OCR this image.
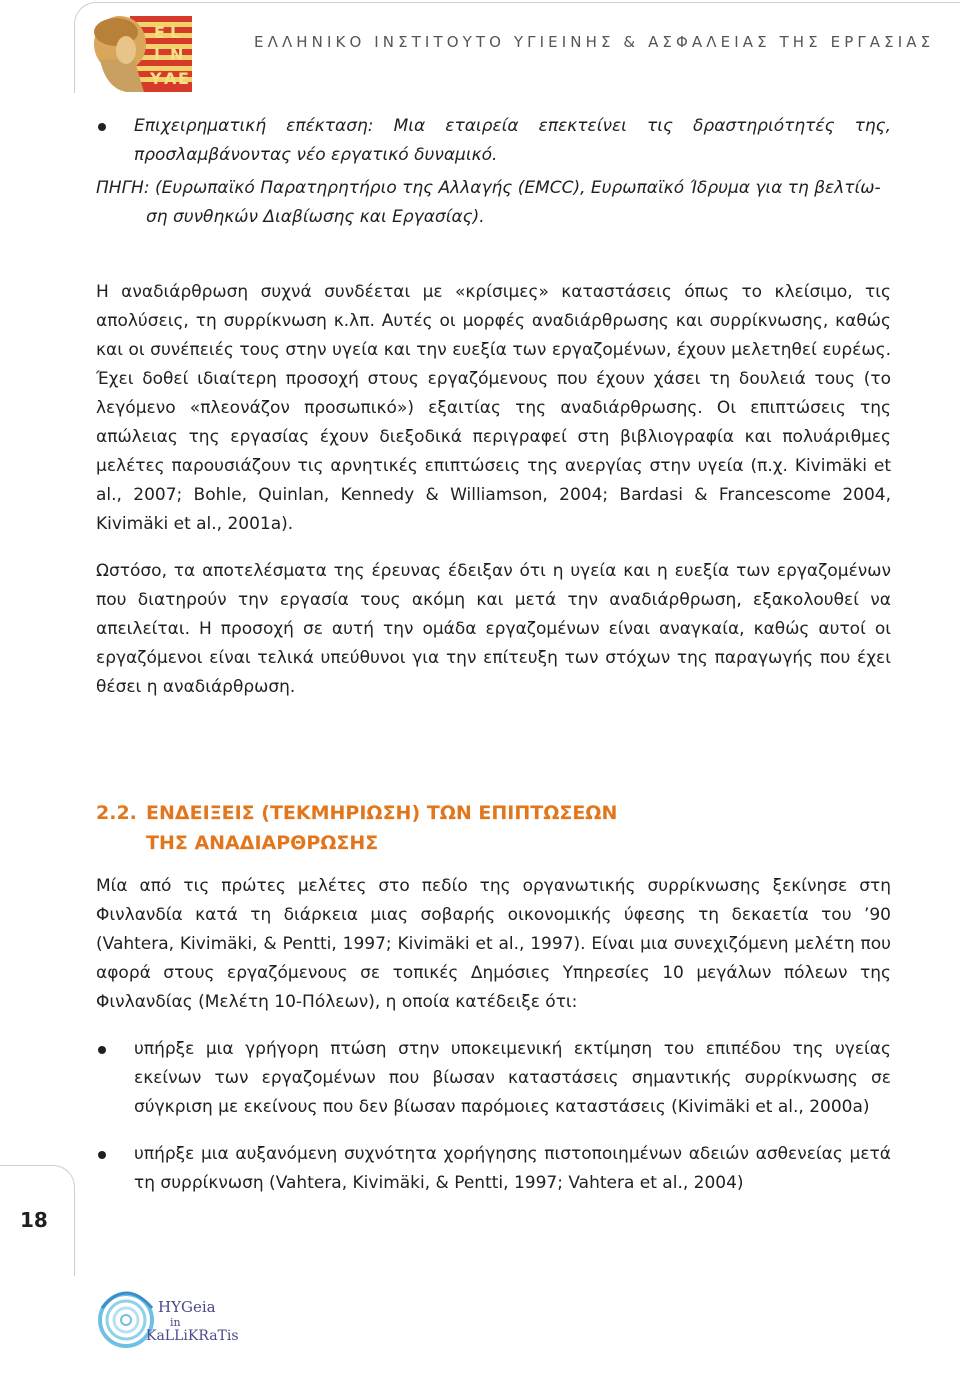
E L
I N
Y A E
ΕΛΛΗΝΙΚΟ ΙΝΣΤΙΤΟΥΤΟ ΥΓΙΕΙΝΗΣ & ΑΣΦΑΛΕΙΑΣ ΤΗΣ ΕΡΓΑΣΙΑΣ
Επιχειρηματική επέκταση: Μια εταιρεία επεκτείνει τις δραστηριότητές της, προσλαμβάνοντας νέο εργατικό δυναμικό.
ΠΗΓΗ: (Ευρωπαϊκό Παρατηρητήριο της Αλλαγής (EMCC), Ευρωπαϊκό Ίδρυμα για τη βελτίω-
ση συνθηκών Διαβίωσης και Εργασίας).

Η αναδιάρθρωση συχνά συνδέεται με «κρίσιμες» καταστάσεις όπως το κλείσιμο, τις απολύσεις, τη συρρίκνωση κ.λπ. Αυτές οι μορφές αναδιάρθρωσης και συρρίκνωσης, καθώς και οι συνέπειές τους στην υγεία και την ευεξία των εργαζομένων, έχουν μελετηθεί ευρέως. Έχει δοθεί ιδιαίτερη προσοχή στους εργαζόμενους που έχουν χάσει τη δουλειά τους (το λεγόμενο «πλεονάζον προσωπικό») εξαιτίας της αναδιάρθρωσης. Οι επιπτώσεις της απώλειας της εργασίας έχουν διεξοδικά περιγραφεί στη βιβλιογραφία και πολυάριθμες μελέτες παρουσιάζουν τις αρνητικές επιπτώσεις της ανεργίας στην υγεία (π.χ. Kivimäki et al., 2007; Bohle, Quinlan, Kennedy & Williamson, 2004; Bardasi & Francescome 2004, Kivimäki et al., 2001a).

Ωστόσο, τα αποτελέσματα της έρευνας έδειξαν ότι η υγεία και η ευεξία των εργαζομένων που διατηρούν την εργασία τους ακόμη και μετά την αναδιάρθρωση, εξακολουθεί να απειλείται. Η προσοχή σε αυτή την ομάδα εργαζομένων είναι αναγκαία, καθώς αυτοί οι εργαζόμενοι είναι τελικά υπεύθυνοι για την επίτευξη των στόχων της παραγωγής που έχει θέσει η αναδιάρθρωση.

2.2. ΕΝΔΕΙΞΕΙΣ (ΤΕΚΜΗΡΙΩΣΗ) ΤΩΝ ΕΠΙΠΤΩΣΕΩΝ
ΤΗΣ ΑΝΑΔΙΑΡΘΡΩΣΗΣ

Μία από τις πρώτες μελέτες στο πεδίο της οργανωτικής συρρίκνωσης ξεκίνησε στη Φινλανδία κατά τη διάρκεια μιας σοβαρής οικονομικής ύφεσης τη δεκαετία του ’90 (Vahtera, Kivimäki, & Pentti, 1997; Kivimäki et al., 1997). Είναι μια συνεχιζόμενη μελέτη που αφορά στους εργαζόμενους σε τοπικές Δημόσιες Υπηρεσίες 10 μεγάλων πόλεων της Φινλανδίας (Μελέτη 10-Πόλεων), η οποία κατέδειξε ότι:

υπήρξε μια γρήγορη πτώση στην υποκειμενική εκτίμηση του επιπέδου της υγείας εκείνων των εργαζομένων που βίωσαν καταστάσεις σημαντικής συρρίκνωσης σε σύγκριση με εκείνους που δεν βίωσαν παρόμοιες καταστάσεις (Kivimäki et al., 2000a)
υπήρξε μια αυξανόμενη συχνότητα χορήγησης πιστοποιημένων αδειών ασθενείας μετά τη συρρίκνωση (Vahtera, Kivimäki, & Pentti, 1997; Vahtera et al., 2004)
18
HYGeia
in
KaLLiKRaTis
